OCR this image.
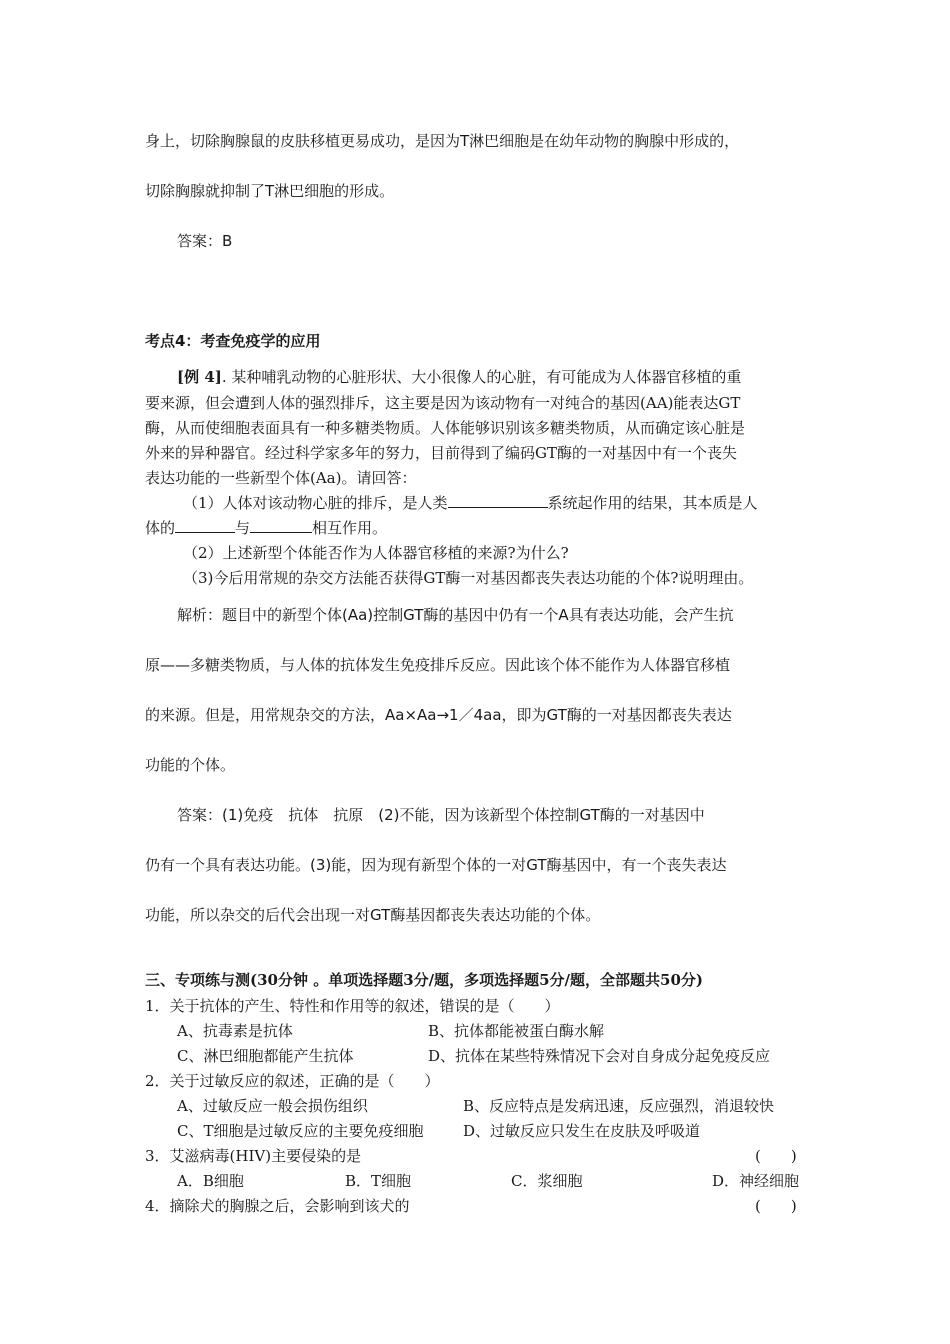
身上，切除胸腺鼠的皮肤移植更易成功，是因为T淋巴细胞是在幼年动物的胸腺中形成的，
切除胸腺就抑制了T淋巴细胞的形成。
答案：B
考点4：考查免疫学的应用
[例 4]. 某种哺乳动物的心脏形状、大小很像人的心脏，有可能成为人体器官移植的重
要来源，但会遭到人体的强烈排斥，这主要是因为该动物有一对纯合的基因(AA)能表达GT
酶，从而使细胞表面具有一种多糖类物质。人体能够识别该多糖类物质，从而确定该心脏是
外来的异种器官。经过科学家多年的努力，目前得到了编码GT酶的一对基因中有一个丧失
表达功能的一些新型个体(Aa)。请回答：
（1）人体对该动物心脏的排斥，是人类	系统起作用的结果，其本质是人
体的	与	相互作用。
（2）上述新型个体能否作为人体器官移植的来源?为什么?
（3)今后用常规的杂交方法能否获得GT酶一对基因都丧失表达功能的个体?说明理由。
解析：题目中的新型个体(Aa)控制GT酶的基因中仍有一个A具有表达功能，会产生抗
原——多糖类物质，与人体的抗体发生免疫排斥反应。因此该个体不能作为人体器官移植
的来源。但是，用常规杂交的方法，Aa×Aa→1／4aa，即为GT酶的一对基因都丧失表达
功能的个体。
答案：(1)免疫　抗体　抗原　(2)不能，因为该新型个体控制GT酶的一对基因中
仍有一个具有表达功能。(3)能，因为现有新型个体的一对GT酶基因中，有一个丧失表达
功能，所以杂交的后代会出现一对GT酶基因都丧失表达功能的个体。
三、专项练与测(30分钟 。单项选择题3分/题，多项选择题5分/题，全部题共50分)
1．关于抗体的产生、特性和作用等的叙述，错误的是（　　）
A、抗毒素是抗体	B、抗体都能被蛋白酶水解
C、淋巴细胞都能产生抗体	D、抗体在某些特殊情况下会对自身成分起免疫反应
2．关于过敏反应的叙述，正确的是（　　）
A、过敏反应一般会损伤组织	B、反应特点是发病迅速，反应强烈，消退较快
C、T细胞是过敏反应的主要免疫细胞	D、过敏反应只发生在皮肤及呼吸道
3．艾滋病毒(HIV)主要侵染的是	(　　)
A．B细胞	B．T细胞	C．浆细胞	D．神经细胞
4．摘除犬的胸腺之后，会影响到该犬的	(　　)
